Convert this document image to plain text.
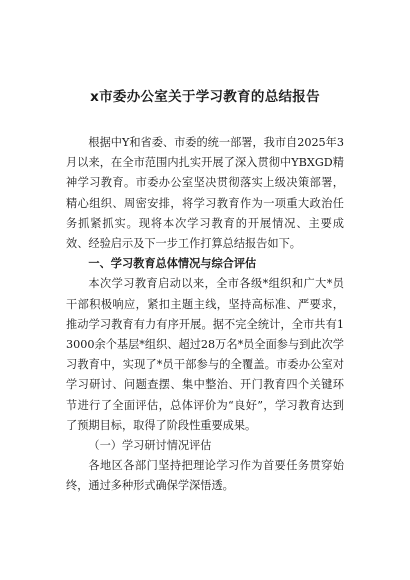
x市委办公室关于学习教育的总结报告

根据中Y和省委、市委的统一部署，我市自2025年3月以来，在全市范围内扎实开展了深入贯彻中YBXGD精神学习教育。市委办公室坚决贯彻落实上级决策部署，精心组织、周密安排，将学习教育作为一项重大政治任务抓紧抓实。现将本次学习教育的开展情况、主要成效、经验启示及下一步工作打算总结报告如下。

一、学习教育总体情况与综合评估

本次学习教育启动以来，全市各级*组织和广大*员干部积极响应，紧扣主题主线，坚持高标准、严要求，推动学习教育有力有序开展。据不完全统计，全市共有13000余个基层*组织、超过28万名*员全面参与到此次学习教育中，实现了*员干部参与的全覆盖。市委办公室对学习研讨、问题查摆、集中整治、开门教育四个关键环节进行了全面评估，总体评价为“良好”，学习教育达到了预期目标，取得了阶段性重要成果。

（一）学习研讨情况评估

各地区各部门坚持把理论学习作为首要任务贯穿始终，通过多种形式确保学深悟透。
